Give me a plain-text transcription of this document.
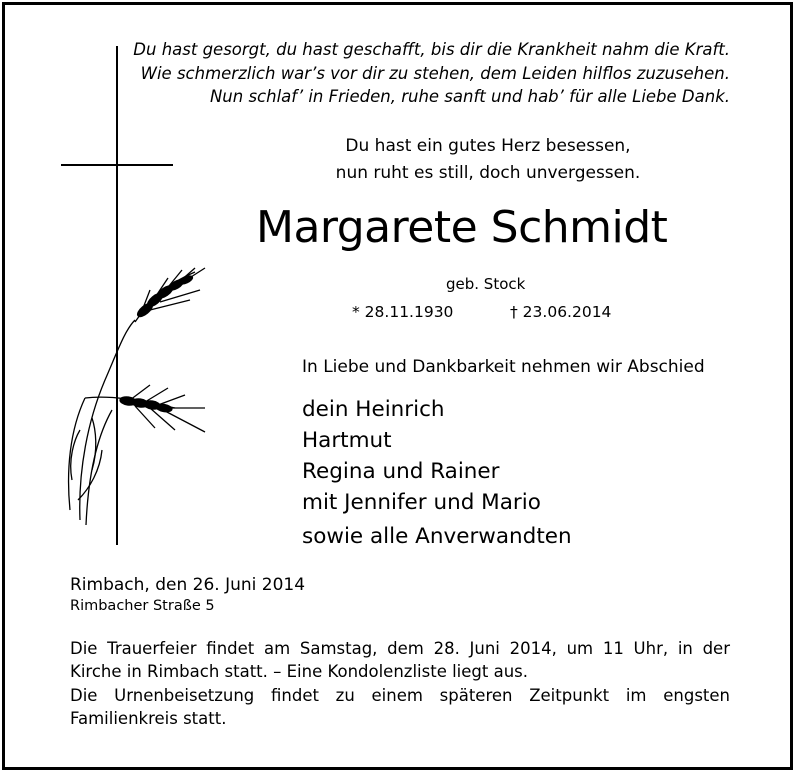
Du hast gesorgt, du hast geschafft, bis dir die Krankheit nahm die Kraft.
Wie schmerzlich war’s vor dir zu stehen, dem Leiden hilflos zuzusehen.
Nun schlaf’ in Frieden, ruhe sanft und hab’ für alle Liebe Dank.
Du hast ein gutes Herz besessen,
nun ruht es still, doch unvergessen.
Margarete Schmidt
geb. Stock
* 28.11.1930	† 23.06.2014
In Liebe und Dankbarkeit nehmen wir Abschied
dein Heinrich
Hartmut
Regina und Rainer
mit Jennifer und Mario
sowie alle Anverwandten
Rimbach, den 26. Juni 2014
Rimbacher Straße 5
Die Trauerfeier findet am Samstag, dem 28. Juni 2014, um 11 Uhr, in der
Kirche in Rimbach statt. – Eine Kondolenzliste liegt aus.
Die Urnenbeisetzung findet zu einem späteren Zeitpunkt im engsten
Familienkreis statt.
